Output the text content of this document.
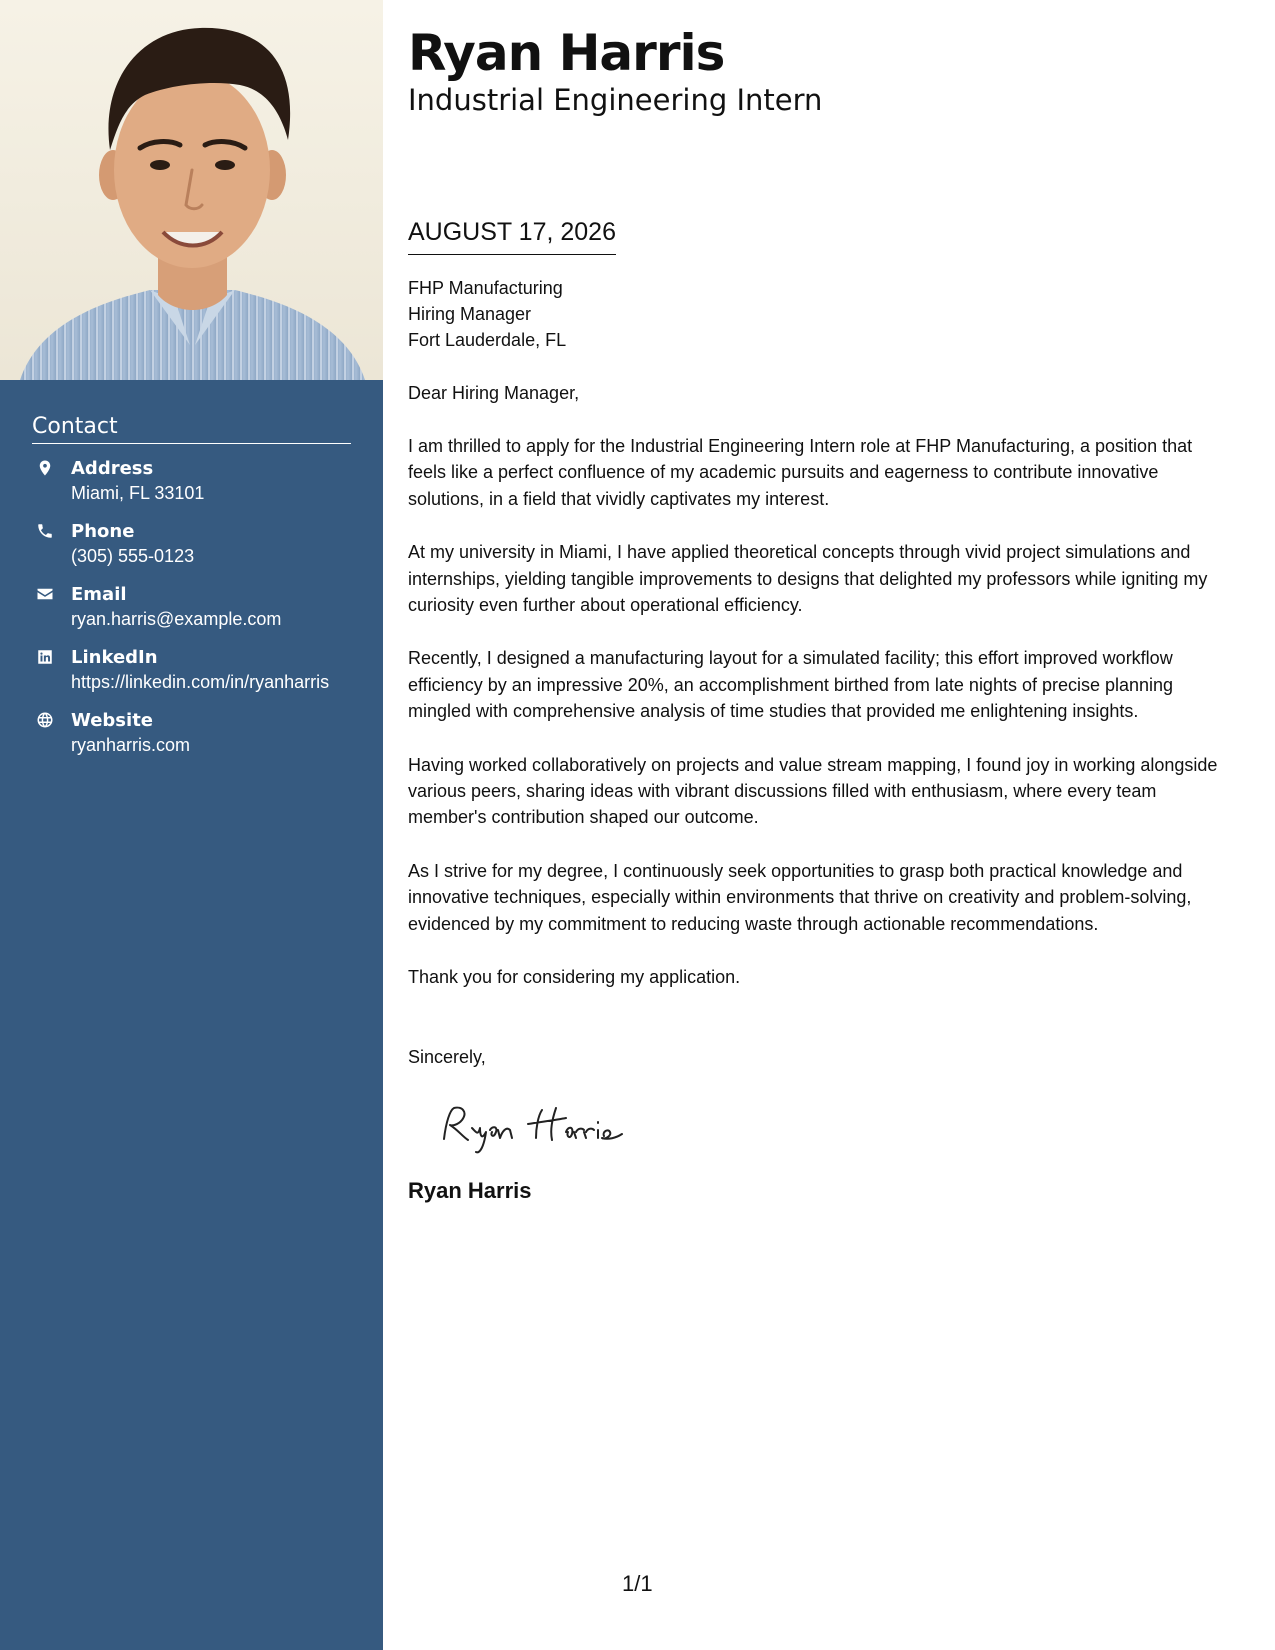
Contact
Address
Miami, FL 33101
Phone
(305) 555-0123
Email
ryan.harris@example.com
LinkedIn
https://linkedin.com/in/ryanharris
Website
ryanharris.com
Ryan Harris
Industrial Engineering Intern
AUGUST 17, 2026
FHP Manufacturing
Hiring Manager
Fort Lauderdale, FL

Dear Hiring Manager,

I am thrilled to apply for the Industrial Engineering Intern role at FHP Manufacturing, a position that feels like a perfect confluence of my academic pursuits and eagerness to contribute innovative solutions, in a field that vividly captivates my interest.

At my university in Miami, I have applied theoretical concepts through vivid project simulations and internships, yielding tangible improvements to designs that delighted my professors while igniting my curiosity even further about operational efficiency.

Recently, I designed a manufacturing layout for a simulated facility; this effort improved workflow efficiency by an impressive 20%, an accomplishment birthed from late nights of precise planning mingled with comprehensive analysis of time studies that provided me enlightening insights.

Having worked collaboratively on projects and value stream mapping, I found joy in working alongside various peers, sharing ideas with vibrant discussions filled with enthusiasm, where every team member's contribution shaped our outcome.

As I strive for my degree, I continuously seek opportunities to grasp both practical knowledge and innovative techniques, especially within environments that thrive on creativity and problem-solving, evidenced by my commitment to reducing waste through actionable recommendations.

Thank you for considering my application.

Sincerely,

Ryan Harris
1/1
